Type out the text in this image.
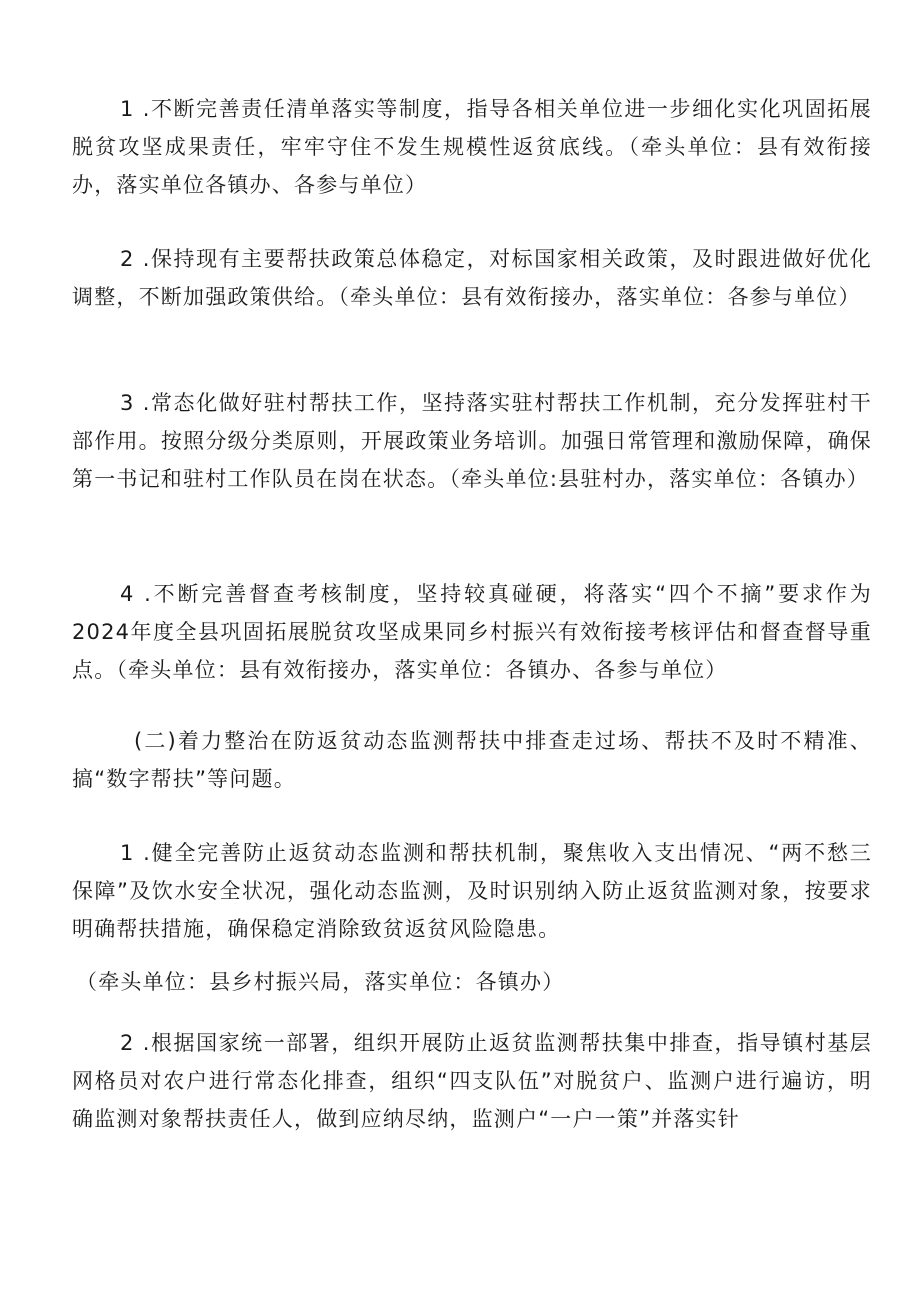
1 .不断完善责任清单落实等制度，指导各相关单位进一步细化实化巩固拓展脱贫攻坚成果责任，牢牢守住不发生规模性返贫底线。（牵头单位：县有效衔接办，落实单位各镇办、各参与单位）

2 .保持现有主要帮扶政策总体稳定，对标国家相关政策，及时跟进做好优化调整，不断加强政策供给。（牵头单位：县有效衔接办，落实单位：各参与单位）

3 .常态化做好驻村帮扶工作，坚持落实驻村帮扶工作机制，充分发挥驻村干部作用。按照分级分类原则，开展政策业务培训。加强日常管理和激励保障，确保第一书记和驻村工作队员在岗在状态。（牵头单位:县驻村办，落实单位：各镇办）

4 .不断完善督查考核制度，坚持较真碰硬，将落实“四个不摘”要求作为2024年度全县巩固拓展脱贫攻坚成果同乡村振兴有效衔接考核评估和督查督导重点。（牵头单位：县有效衔接办，落实单位：各镇办、各参与单位）

(二)着力整治在防返贫动态监测帮扶中排查走过场、帮扶不及时不精准、搞“数字帮扶”等问题。

1 .健全完善防止返贫动态监测和帮扶机制，聚焦收入支出情况、“两不愁三保障”及饮水安全状况，强化动态监测，及时识别纳入防止返贫监测对象，按要求明确帮扶措施，确保稳定消除致贫返贫风险隐患。

（牵头单位：县乡村振兴局，落实单位：各镇办）

2 .根据国家统一部署，组织开展防止返贫监测帮扶集中排查，指导镇村基层网格员对农户进行常态化排查，组织“四支队伍”对脱贫户、监测户进行遍访，明确监测对象帮扶责任人，做到应纳尽纳，监测户“一户一策”并落实针
